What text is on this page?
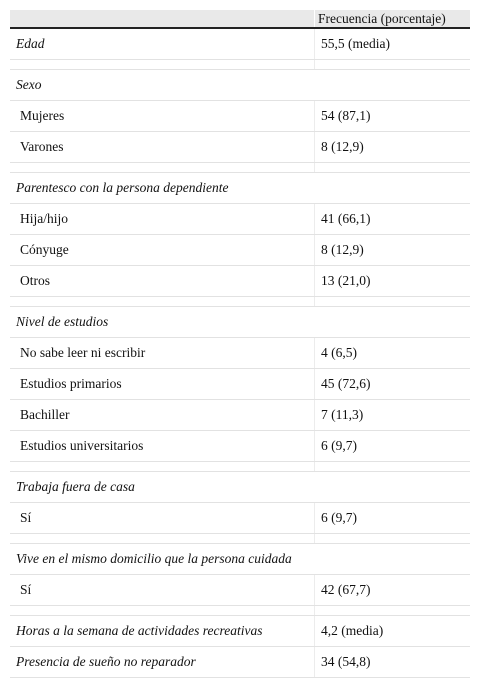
Frecuencia (porcentaje)
Edad	55,5 (media)
Sexo
Mujeres	54 (87,1)
Varones	8 (12,9)
Parentesco con la persona dependiente
Hija/hijo	41 (66,1)
Cónyuge	8 (12,9)
Otros	13 (21,0)
Nivel de estudios
No sabe leer ni escribir	4 (6,5)
Estudios primarios	45 (72,6)
Bachiller	7 (11,3)
Estudios universitarios	6 (9,7)
Trabaja fuera de casa
Sí	6 (9,7)
Vive en el mismo domicilio que la persona cuidada
Sí	42 (67,7)
Horas a la semana de actividades recreativas	4,2 (media)
Presencia de sueño no reparador	34 (54,8)
